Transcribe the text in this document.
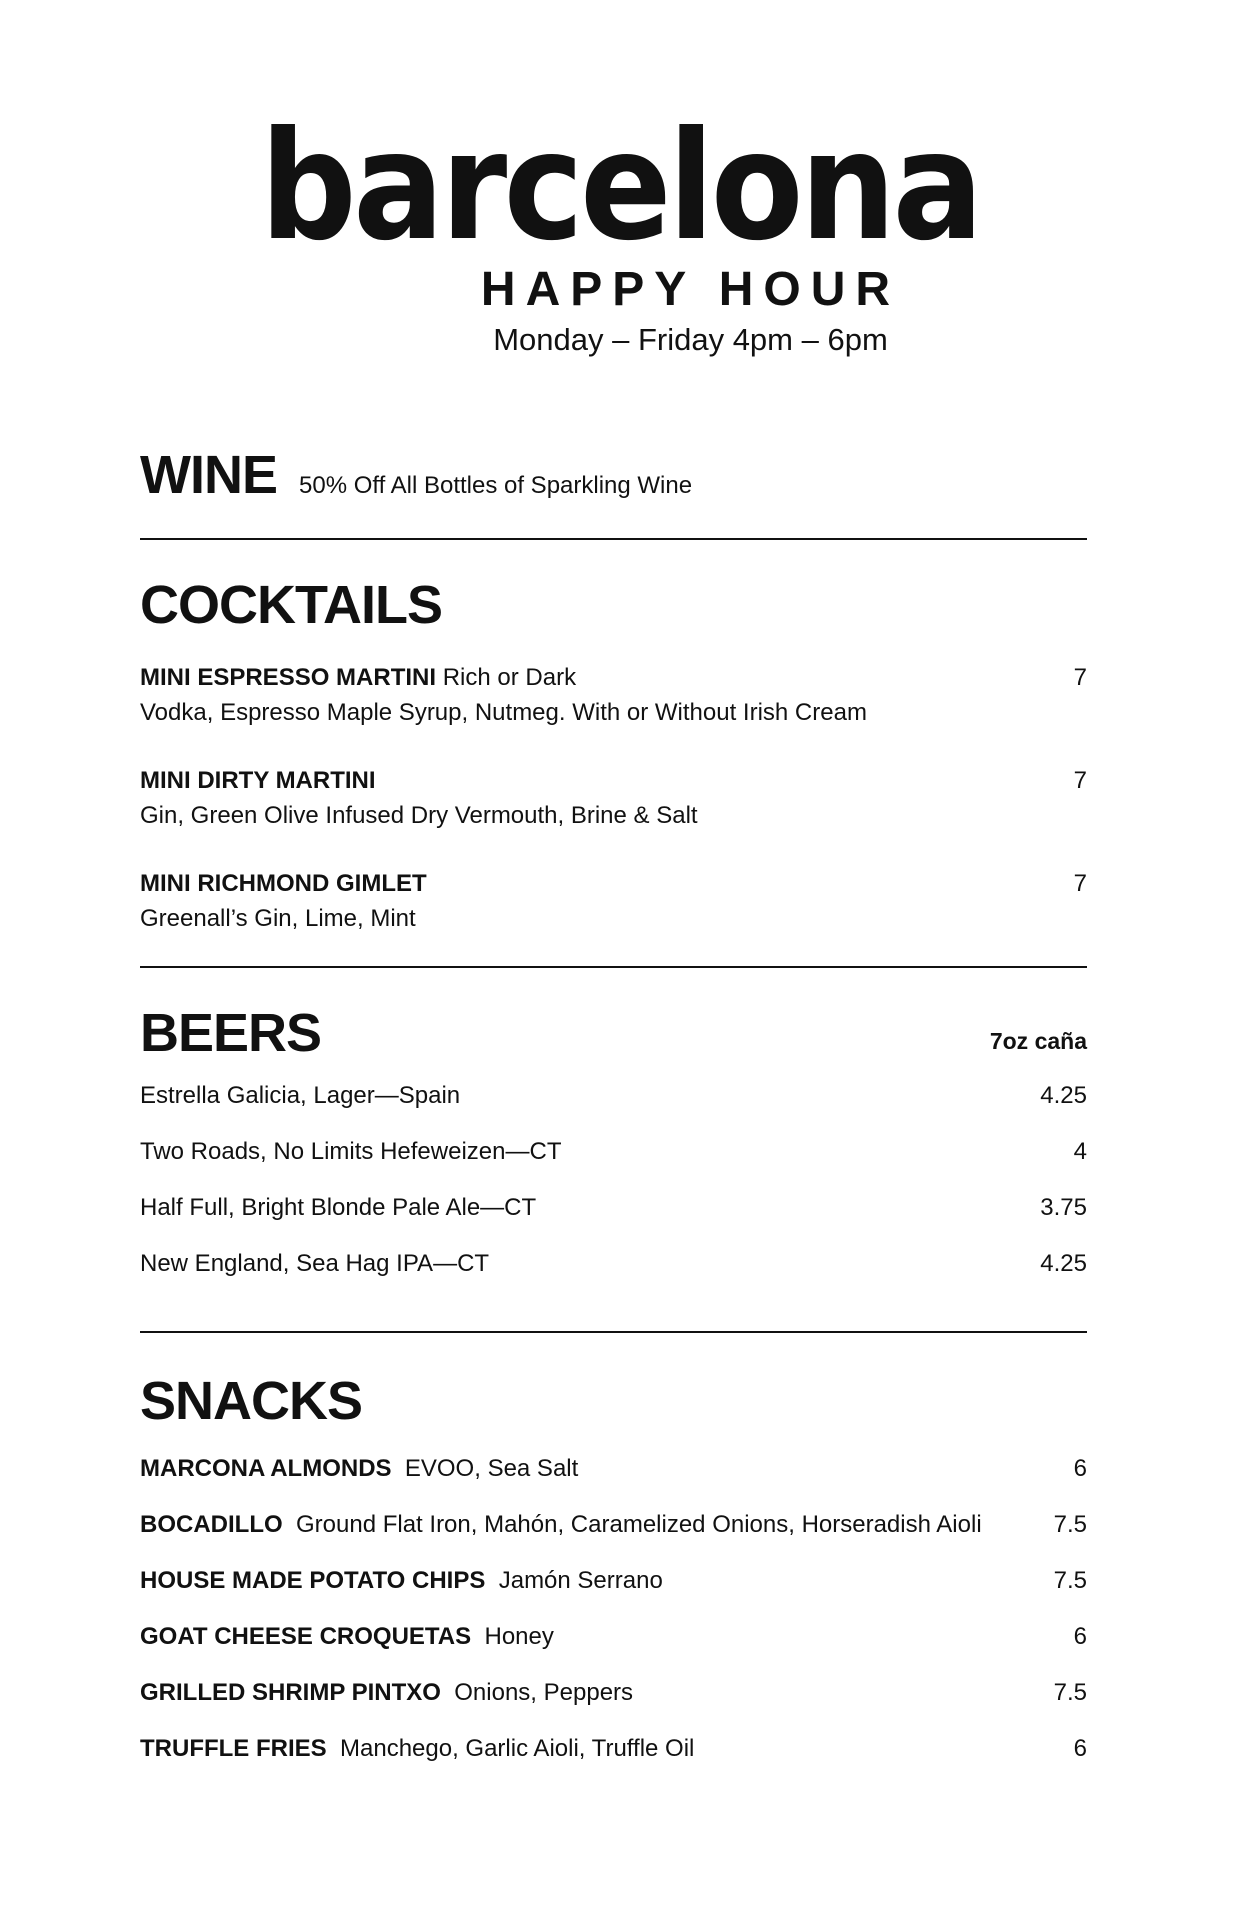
barcelona
HAPPY HOUR
Monday – Friday 4pm – 6pm
WINE 50% Off All Bottles of Sparkling Wine
COCKTAILS
MINI ESPRESSO MARTINI Rich or Dark	7
Vodka, Espresso Maple Syrup, Nutmeg. With or Without Irish Cream
MINI DIRTY MARTINI	7
Gin, Green Olive Infused Dry Vermouth, Brine & Salt
MINI RICHMOND GIMLET	7
Greenall’s Gin, Lime, Mint
BEERS	7oz caña
Estrella Galicia, Lager—Spain	4.25
Two Roads, No Limits Hefeweizen—CT	4
Half Full, Bright Blonde Pale Ale—CT	3.75
New England, Sea Hag IPA—CT	4.25
SNACKS
MARCONA ALMONDS EVOO, Sea Salt	6
BOCADILLO Ground Flat Iron, Mahón, Caramelized Onions, Horseradish Aioli	7.5
HOUSE MADE POTATO CHIPS Jamón Serrano	7.5
GOAT CHEESE CROQUETAS Honey	6
GRILLED SHRIMP PINTXO Onions, Peppers	7.5
TRUFFLE FRIES Manchego, Garlic Aioli, Truffle Oil	6
